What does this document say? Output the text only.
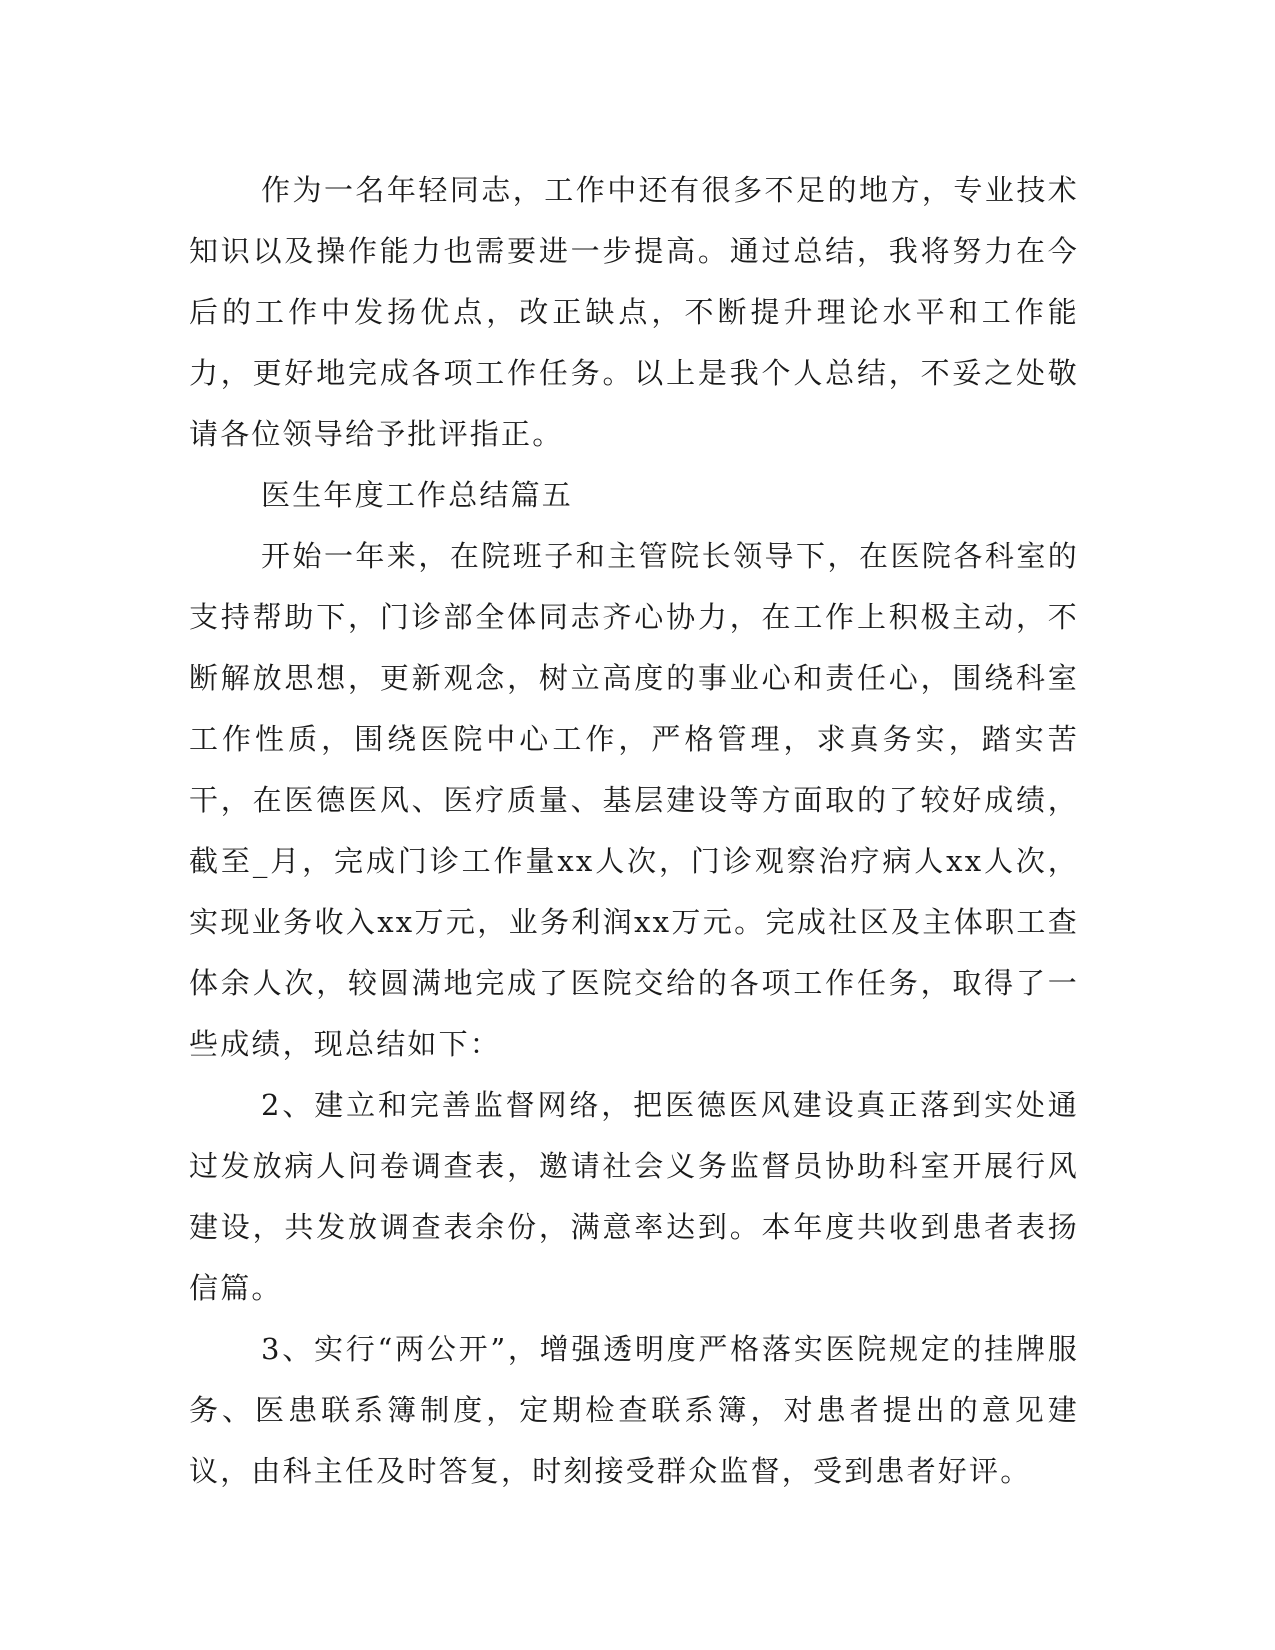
作为一名年轻同志，工作中还有很多不足的地方，专业技术知识以及操作能力也需要进一步提高。通过总结，我将努力在今后的工作中发扬优点，改正缺点，不断提升理论水平和工作能力，更好地完成各项工作任务。以上是我个人总结，不妥之处敬请各位领导给予批评指正。

医生年度工作总结篇五

开始一年来，在院班子和主管院长领导下，在医院各科室的支持帮助下，门诊部全体同志齐心协力，在工作上积极主动，不断解放思想，更新观念，树立高度的事业心和责任心，围绕科室工作性质，围绕医院中心工作，严格管理，求真务实，踏实苦干，在医德医风、医疗质量、基层建设等方面取的了较好成绩，截至_月，完成门诊工作量xx人次，门诊观察治疗病人xx人次，实现业务收入xx万元，业务利润xx万元。完成社区及主体职工查体余人次，较圆满地完成了医院交给的各项工作任务，取得了一些成绩，现总结如下：

2、建立和完善监督网络，把医德医风建设真正落到实处通过发放病人问卷调查表，邀请社会义务监督员协助科室开展行风建设，共发放调查表余份，满意率达到。本年度共收到患者表扬信篇。

3、实行“两公开”，增强透明度严格落实医院规定的挂牌服务、医患联系簿制度，定期检查联系簿，对患者提出的意见建议，由科主任及时答复，时刻接受群众监督，受到患者好评。
